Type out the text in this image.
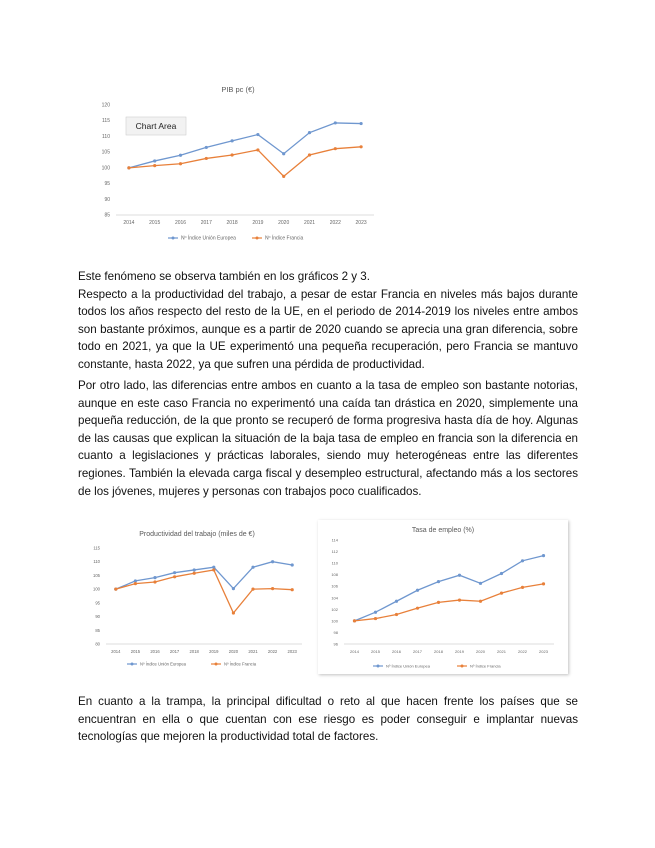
PIB pc (€)
85
90
95
100
105
110
115
120
2014	2015	2016	2017	2018	2019	2020	2021	2022	2023
Nº Índice Unión Europea	Nº Índice Francia
Chart Area

Este fenómeno se observa también en los gráficos 2 y 3.
Respecto a la productividad del trabajo, a pesar de estar Francia en niveles más bajos durante todos los años respecto del resto de la UE, en el periodo de 2014-2019 los niveles entre ambos son bastante próximos, aunque es a partir de 2020 cuando se aprecia una gran diferencia, sobre todo en 2021, ya que la UE experimentó una pequeña recuperación, pero Francia se mantuvo constante, hasta 2022, ya que sufren una pérdida de productividad.

Por otro lado, las diferencias entre ambos en cuanto a la tasa de empleo son bastante notorias, aunque en este caso Francia no experimentó una caída tan drástica en 2020, simplemente una pequeña reducción, de la que pronto se recuperó de forma progresiva hasta día de hoy. Algunas de las causas que explican la situación de la baja tasa de empleo en francia son la diferencia en cuanto a legislaciones y prácticas laborales, siendo muy heterogéneas entre las diferentes regiones. También la elevada carga fiscal y desempleo estructural, afectando más a los sectores de los jóvenes, mujeres y personas con trabajos poco cualificados.

Productividad del trabajo (miles de €)
80
85
90
95
100
105
110
115
2014 2015 2016 2017 2018 2019 2020 2021 2022 2023
Nº Índice Unión Europea	Nº Índice Francia
Tasa de empleo (%)
96
98
100
102
104
106
108
110
112
114
2014	2015	2016	2017	2018	2019	2020	2021	2022	2023
Nº Índice Unión Europea	Nº Índice Francia

En cuanto a la trampa, la principal dificultad o reto al que hacen frente los países que se encuentran en ella o que cuentan con ese riesgo es poder conseguir e implantar nuevas tecnologías que mejoren la productividad total de factores.
